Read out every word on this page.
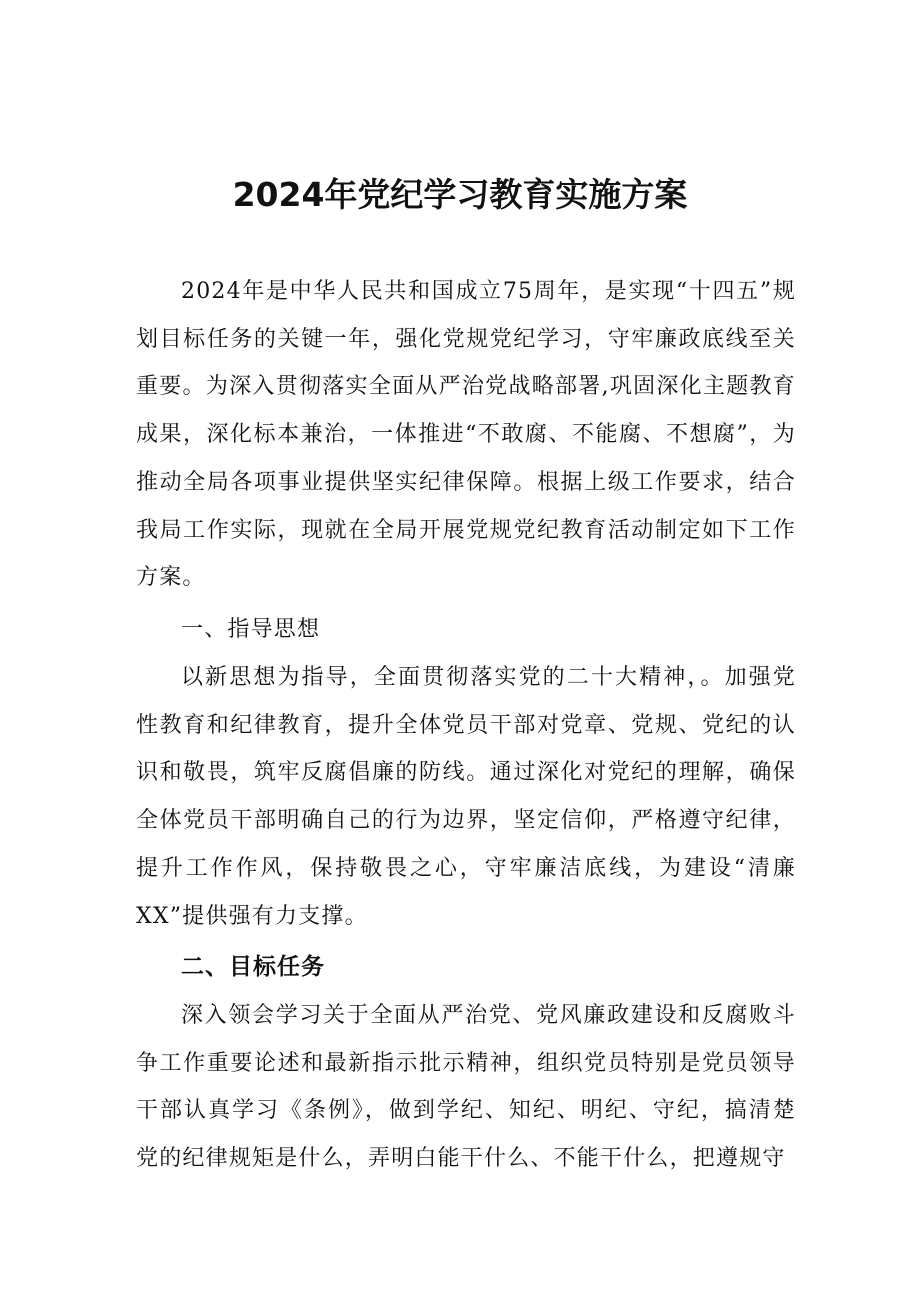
2024年党纪学习教育实施方案

2024年是中华人民共和国成立75周年，是实现“十四五”规划目标任务的关键一年，强化党规党纪学习，守牢廉政底线至关重要。为深入贯彻落实全面从严治党战略部署,巩固深化主题教育成果，深化标本兼治，一体推进“不敢腐、不能腐、不想腐”，为推动全局各项事业提供坚实纪律保障。根据上级工作要求，结合我局工作实际，现就在全局开展党规党纪教育活动制定如下工作方案。

一、指导思想

以新思想为指导，全面贯彻落实党的二十大精神，。加强党性教育和纪律教育，提升全体党员干部对党章、党规、党纪的认识和敬畏，筑牢反腐倡廉的防线。通过深化对党纪的理解，确保全体党员干部明确自己的行为边界，坚定信仰，严格遵守纪律，提升工作作风，保持敬畏之心，守牢廉洁底线，为建设“清廉XX”提供强有力支撑。

二、目标任务

深入领会学习关于全面从严治党、党风廉政建设和反腐败斗争工作重要论述和最新指示批示精神，组织党员特别是党员领导干部认真学习《条例》，做到学纪、知纪、明纪、守纪，搞清楚党的纪律规矩是什么，弄明白能干什么、不能干什么，把遵规守
